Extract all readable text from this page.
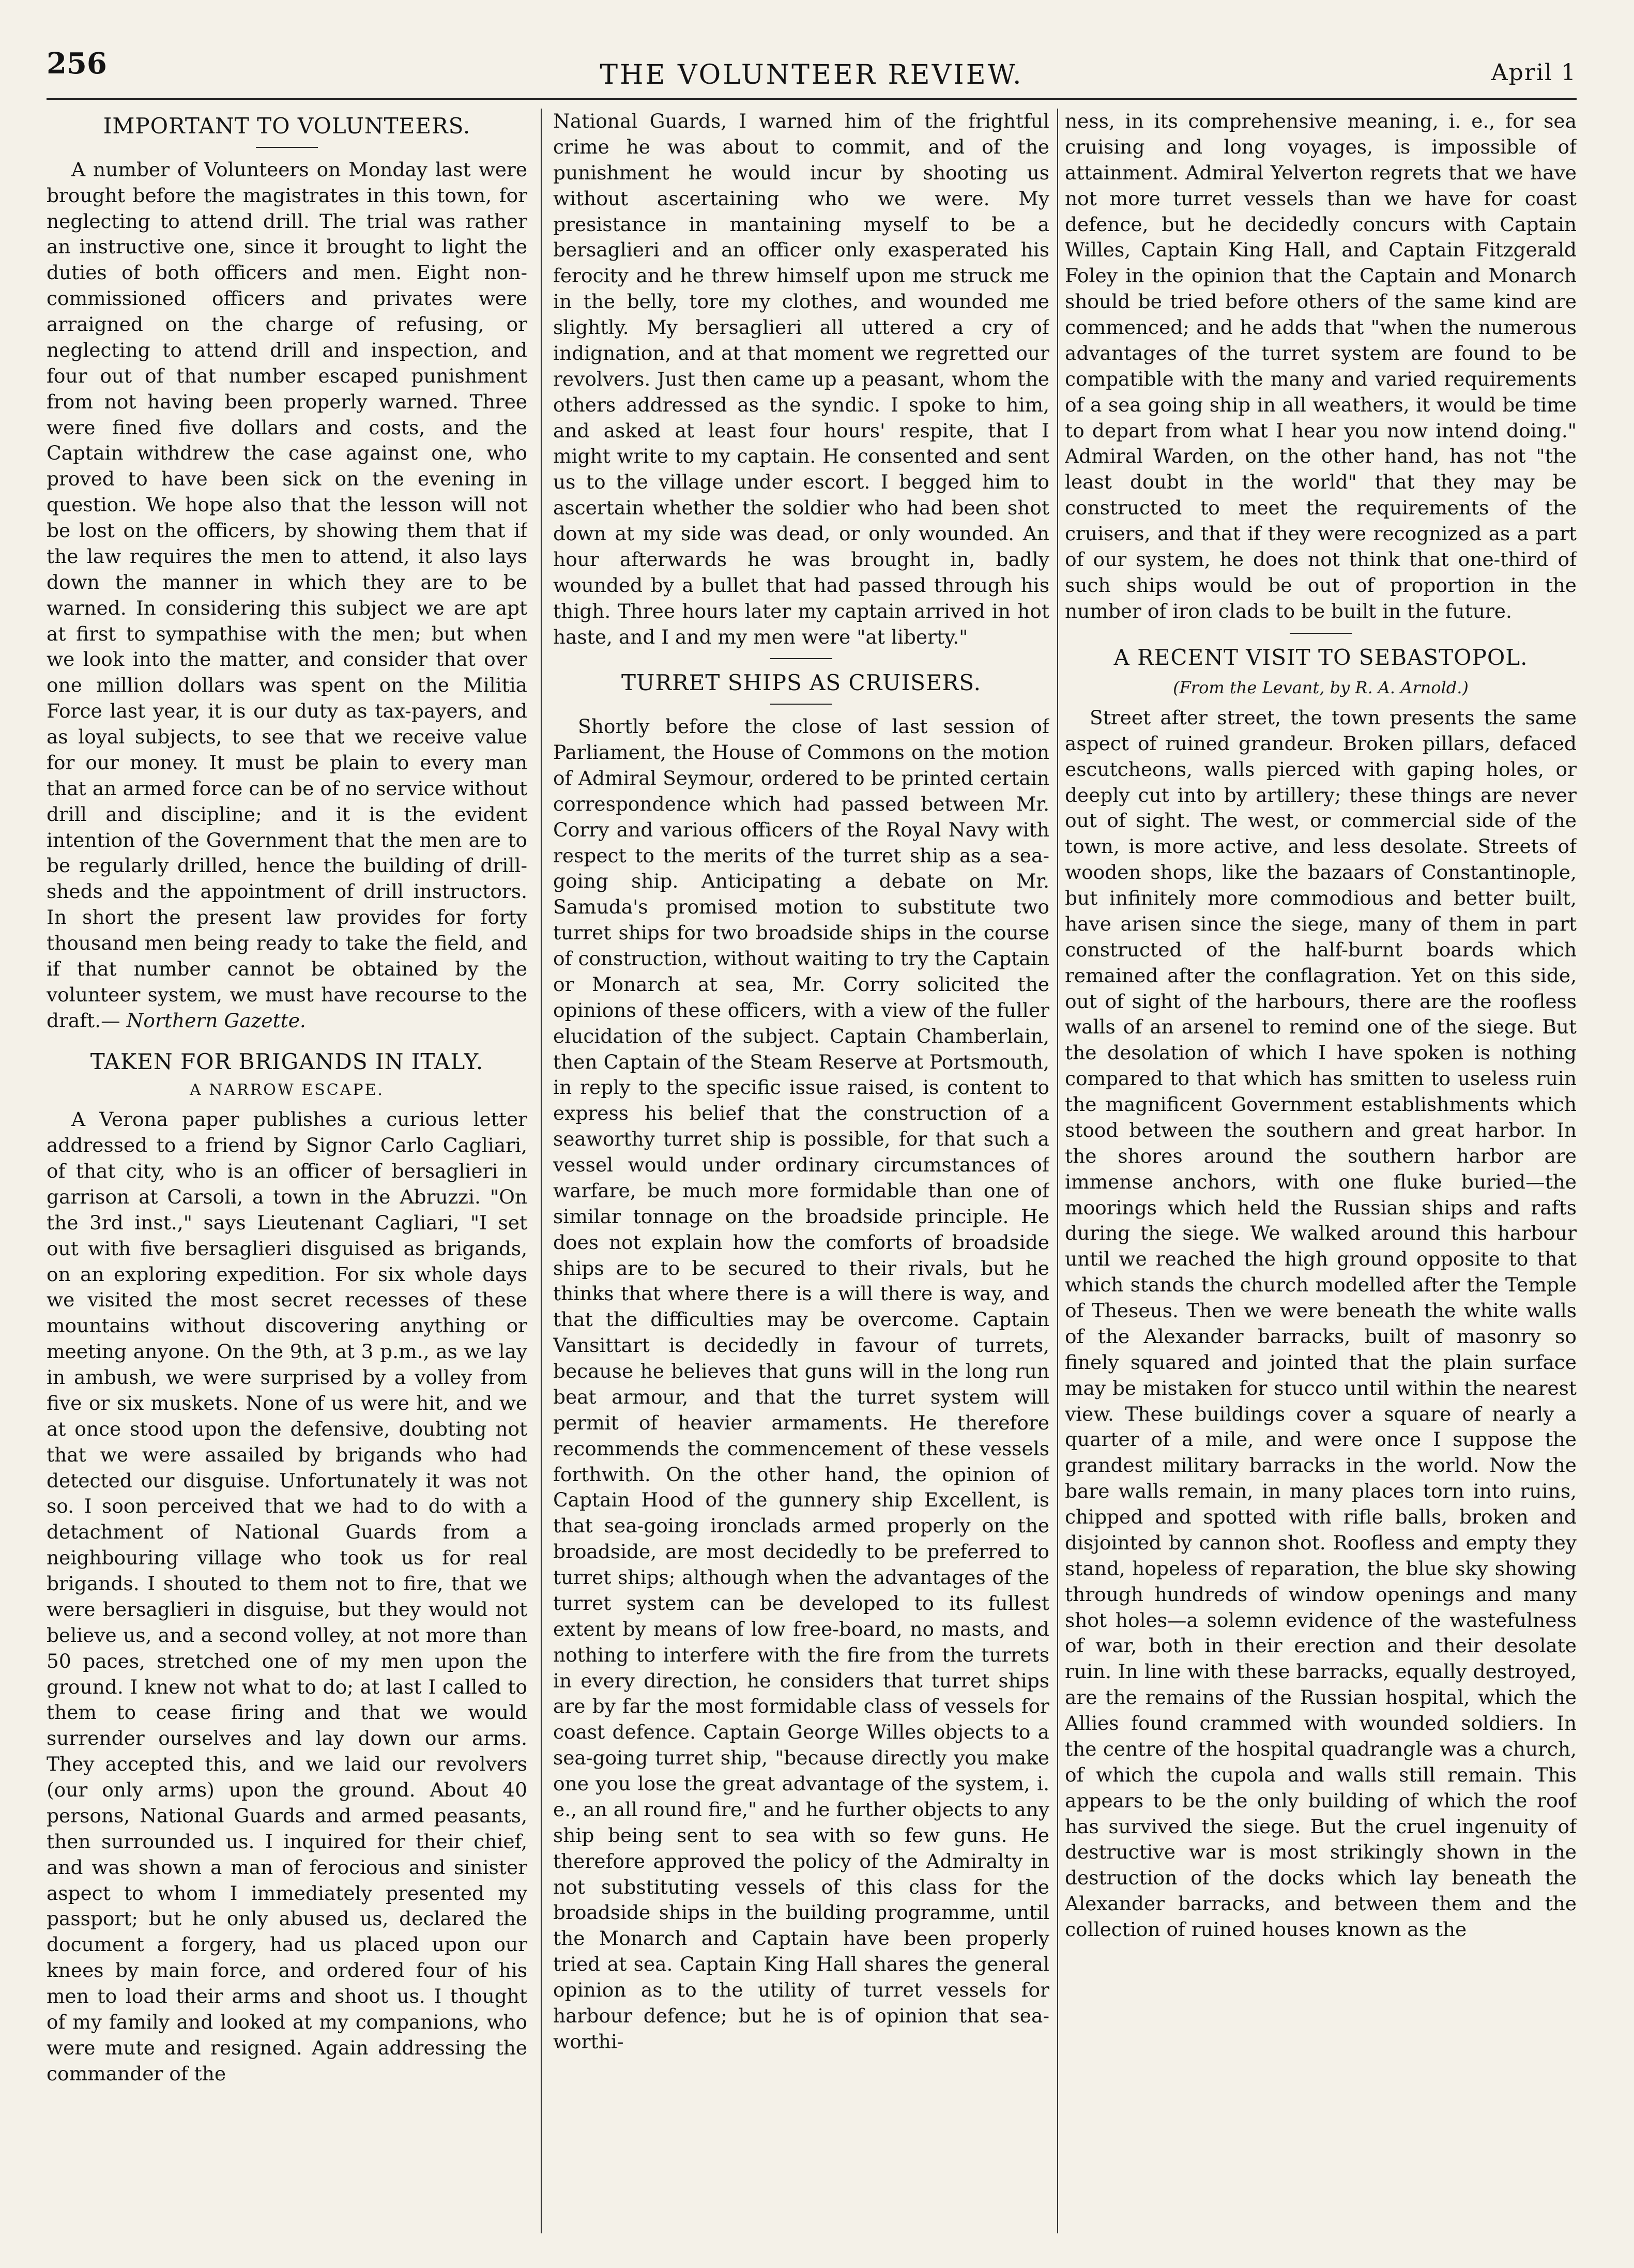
256	THE VOLUNTEER REVIEW.	April 1
IMPORTANT TO VOLUNTEERS.

A number of Volunteers on Monday last were brought before the magistrates in this town, for neglecting to attend drill. The trial was rather an instructive one, since it brought to light the duties of both officers and men. Eight non-commissioned officers and privates were arraigned on the charge of refusing, or neglecting to attend drill and inspection, and four out of that number escaped punishment from not having been properly warned. Three were fined five dollars and costs, and the Captain withdrew the case against one, who proved to have been sick on the evening in question. We hope also that the lesson will not be lost on the officers, by showing them that if the law requires the men to attend, it also lays down the manner in which they are to be warned. In considering this subject we are apt at first to sympathise with the men; but when we look into the matter, and consider that over one million dollars was spent on the Militia Force last year, it is our duty as tax-payers, and as loyal subjects, to see that we receive value for our money. It must be plain to every man that an armed force can be of no service without drill and discipline; and it is the evident intention of the Government that the men are to be regularly drilled, hence the building of drill-sheds and the appointment of drill instructors. In short the present law provides for forty thousand men being ready to take the field, and if that number cannot be obtained by the volunteer system, we must have recourse to the draft.— Northern Gazette.

TAKEN FOR BRIGANDS IN ITALY.
A NARROW ESCAPE.

A Verona paper publishes a curious letter addressed to a friend by Signor Carlo Cagliari, of that city, who is an officer of bersaglieri in garrison at Carsoli, a town in the Abruzzi. "On the 3rd inst.," says Lieutenant Cagliari, "I set out with five bersaglieri disguised as brigands, on an exploring expedition. For six whole days we visited the most secret recesses of these mountains without discovering anything or meeting anyone. On the 9th, at 3 p.m., as we lay in ambush, we were surprised by a volley from five or six muskets. None of us were hit, and we at once stood upon the defensive, doubting not that we were assailed by brigands who had detected our disguise. Unfortunately it was not so. I soon perceived that we had to do with a detachment of National Guards from a neighbouring village who took us for real brigands. I shouted to them not to fire, that we were bersaglieri in disguise, but they would not believe us, and a second volley, at not more than 50 paces, stretched one of my men upon the ground. I knew not what to do; at last I called to them to cease firing and that we would surrender ourselves and lay down our arms. They accepted this, and we laid our revolvers (our only arms) upon the ground. About 40 persons, National Guards and armed peasants, then surrounded us. I inquired for their chief, and was shown a man of ferocious and sinister aspect to whom I immediately presented my passport; but he only abused us, declared the document a forgery, had us placed upon our knees by main force, and ordered four of his men to load their arms and shoot us. I thought of my family and looked at my companions, who were mute and resigned. Again addressing the commander of the

National Guards, I warned him of the frightful crime he was about to commit, and of the punishment he would incur by shooting us without ascertaining who we were. My presistance in mantaining myself to be a bersaglieri and an officer only exasperated his ferocity and he threw himself upon me struck me in the belly, tore my clothes, and wounded me slightly. My bersaglieri all uttered a cry of indignation, and at that moment we regretted our revolvers. Just then came up a peasant, whom the others addressed as the syndic. I spoke to him, and asked at least four hours' respite, that I might write to my captain. He consented and sent us to the village under escort. I begged him to ascertain whether the soldier who had been shot down at my side was dead, or only wounded. An hour afterwards he was brought in, badly wounded by a bullet that had passed through his thigh. Three hours later my captain arrived in hot haste, and I and my men were "at liberty."

TURRET SHIPS AS CRUISERS.

Shortly before the close of last session of Parliament, the House of Commons on the motion of Admiral Seymour, ordered to be printed certain correspondence which had passed between Mr. Corry and various officers of the Royal Navy with respect to the merits of the turret ship as a sea-going ship. Anticipating a debate on Mr. Samuda's promised motion to substitute two turret ships for two broadside ships in the course of construction, without waiting to try the Captain or Monarch at sea, Mr. Corry solicited the opinions of these officers, with a view of the fuller elucidation of the subject. Captain Chamberlain, then Captain of the Steam Reserve at Portsmouth, in reply to the specific issue raised, is content to express his belief that the construction of a seaworthy turret ship is possible, for that such a vessel would under ordinary circumstances of warfare, be much more formidable than one of similar tonnage on the broadside principle. He does not explain how the comforts of broadside ships are to be secured to their rivals, but he thinks that where there is a will there is way, and that the difficulties may be overcome. Captain Vansittart is decidedly in favour of turrets, because he believes that guns will in the long run beat armour, and that the turret system will permit of heavier armaments. He therefore recommends the commencement of these vessels forthwith. On the other hand, the opinion of Captain Hood of the gunnery ship Excellent, is that sea-going ironclads armed properly on the broadside, are most decidedly to be preferred to turret ships; although when the advantages of the turret system can be developed to its fullest extent by means of low free-board, no masts, and nothing to interfere with the fire from the turrets in every direction, he considers that turret ships are by far the most formidable class of vessels for coast defence. Captain George Willes objects to a sea-going turret ship, "because directly you make one you lose the great advantage of the system, i. e., an all round fire," and he further objects to any ship being sent to sea with so few guns. He therefore approved the policy of the Admiralty in not substituting vessels of this class for the broadside ships in the building programme, until the Monarch and Captain have been properly tried at sea. Captain King Hall shares the general opinion as to the utility of turret vessels for harbour defence; but he is of opinion that sea-worthi-

ness, in its comprehensive meaning, i. e., for sea cruising and long voyages, is impossible of attainment. Admiral Yelverton regrets that we have not more turret vessels than we have for coast defence, but he decidedly concurs with Captain Willes, Captain King Hall, and Captain Fitzgerald Foley in the opinion that the Captain and Monarch should be tried before others of the same kind are commenced; and he adds that "when the numerous advantages of the turret system are found to be compatible with the many and varied requirements of a sea going ship in all weathers, it would be time to depart from what I hear you now intend doing." Admiral Warden, on the other hand, has not "the least doubt in the world" that they may be constructed to meet the requirements of the cruisers, and that if they were recognized as a part of our system, he does not think that one-third of such ships would be out of proportion in the number of iron clads to be built in the future.

A RECENT VISIT TO SEBASTOPOL.
(From the Levant, by R. A. Arnold.)

Street after street, the town presents the same aspect of ruined grandeur. Broken pillars, defaced escutcheons, walls pierced with gaping holes, or deeply cut into by artillery; these things are never out of sight. The west, or commercial side of the town, is more active, and less desolate. Streets of wooden shops, like the bazaars of Constantinople, but infinitely more commodious and better built, have arisen since the siege, many of them in part constructed of the half-burnt boards which remained after the conflagration. Yet on this side, out of sight of the harbours, there are the roofless walls of an arsenel to remind one of the siege. But the desolation of which I have spoken is nothing compared to that which has smitten to useless ruin the magnificent Government establishments which stood between the southern and great harbor. In the shores around the southern harbor are immense anchors, with one fluke buried—the moorings which held the Russian ships and rafts during the siege. We walked around this harbour until we reached the high ground opposite to that which stands the church modelled after the Temple of Theseus. Then we were beneath the white walls of the Alexander barracks, built of masonry so finely squared and jointed that the plain surface may be mistaken for stucco until within the nearest view. These buildings cover a square of nearly a quarter of a mile, and were once I suppose the grandest military barracks in the world. Now the bare walls remain, in many places torn into ruins, chipped and spotted with rifle balls, broken and disjointed by cannon shot. Roofless and empty they stand, hopeless of reparation, the blue sky showing through hundreds of window openings and many shot holes—a solemn evidence of the wastefulness of war, both in their erection and their desolate ruin. In line with these barracks, equally destroyed, are the remains of the Russian hospital, which the Allies found crammed with wounded soldiers. In the centre of the hospital quadrangle was a church, of which the cupola and walls still remain. This appears to be the only building of which the roof has survived the siege. But the cruel ingenuity of destructive war is most strikingly shown in the destruction of the docks which lay beneath the Alexander barracks, and between them and the collection of ruined houses known as the
